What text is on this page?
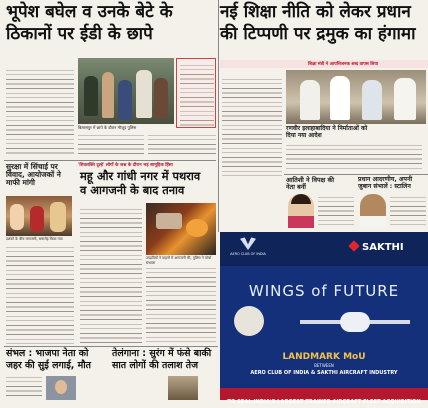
भूपेश बघेल व उनके बेटे के
ठिकानों पर ईडी के छापे
नई शिक्षा नीति को लेकर प्रधान
की टिप्पणी पर द्रमुक का हंगामा
बिलासपुर में छापे के दौरान मौजूद पुलिस
सुरक्षा में सिंचाई पर विवाद, आयोजकों ने माफी मांगी
दर्शकों के बीच नाराजगी, समारोह किया गया
'शिवशक्ति दूल्हे' लोगों के जश्न के दौरान भड़ं सामूहिक हिंसा
महू और गांधी नगर में पथराव
व आगजनी के बाद तनाव
उपद्रवियों ने वाहनों में आगजनी की, पुलिस ने मोर्चा संभाला
संभल : भाजपा नेता को
जहर की सुई लगाई, मौत
तेलंगाना : सुरंग में फंसे बाकी
सात लोगों की तलाश तेज
शिक्षा मंत्री ने आपत्तिजनक शब्द वापस लिया
रणवीर इलाहाबादिया ने निर्माताओं को
दिया नया आदेश
आतिशी ने विपक्ष की
नेता बनीं
प्रधान आदरणीय, अपनी
जुबान संभालें : स्टालिन
AERO CLUB OF INDIA
SAKTHI
WINGS of FUTURE
LANDMARK MoU
BETWEEN
AERO CLUB OF INDIA & SAKTHI AIRCRAFT INDUSTRY
TO SEAL INDIA'S LARGEST TRAINER AIRCRAFT FLEET ACQUISITION
